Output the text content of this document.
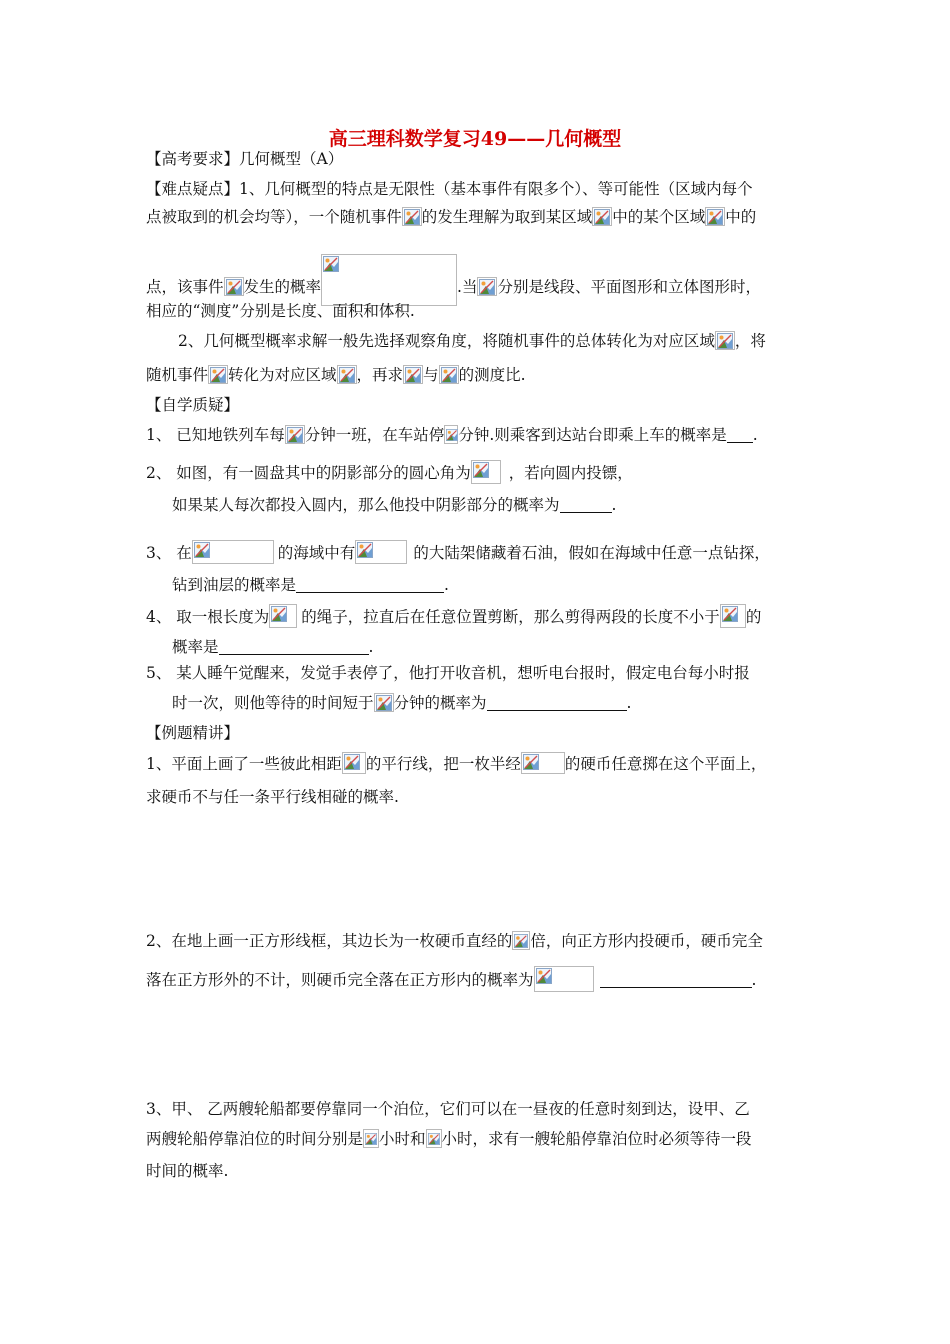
高三理科数学复习49——几何概型
【高考要求】几何概型（A）
【难点疑点】1、几何概型的特点是无限性（基本事件有限多个）、等可能性（区域内每个
点被取到的机会均等），一个随机事件 的发生理解为取到某区域 中的某个区域 中的
点，该事件 发生的概率	.当 分别是线段、平面图形和立体图形时，
相应的“测度”分别是长度、面积和体积.
2、几何概型概率求解一般先选择观察角度，将随机事件的总体转化为对应区域 ，将
随机事件 转化为对应区域 ，再求 与 的测度比.
【自学质疑】
1、 已知地铁列车每 分钟一班，在车站停 分钟.则乘客到达站台即乘上车的概率是 .
2、 如图，有一圆盘其中的阴影部分的圆心角为 ，若向圆内投镖，
如果某人每次都投入圆内，那么他投中阴影部分的概率为	.
3、 在	的海域中有	的大陆架储藏着石油，假如在海域中任意一点钻探，
钻到油层的概率是	.
4、 取一根长度为 的绳子，拉直后在任意位置剪断，那么剪得两段的长度不小于 的
概率是	.
5、 某人睡午觉醒来，发觉手表停了，他打开收音机，想听电台报时，假定电台每小时报
时一次，则他等待的时间短于 分钟的概率为	.
【例题精讲】
1、平面上画了一些彼此相距 的平行线，把一枚半经	的硬币任意掷在这个平面上，
求硬币不与任一条平行线相碰的概率.
2、在地上画一正方形线框，其边长为一枚硬币直经的 倍，向正方形内投硬币，硬币完全
落在正方形外的不计，则硬币完全落在正方形内的概率为	.
3、甲、 乙两艘轮船都要停靠同一个泊位，它们可以在一昼夜的任意时刻到达，设甲、乙
两艘轮船停靠泊位的时间分别是 小时和 小时，求有一艘轮船停靠泊位时必须等待一段
时间的概率.
